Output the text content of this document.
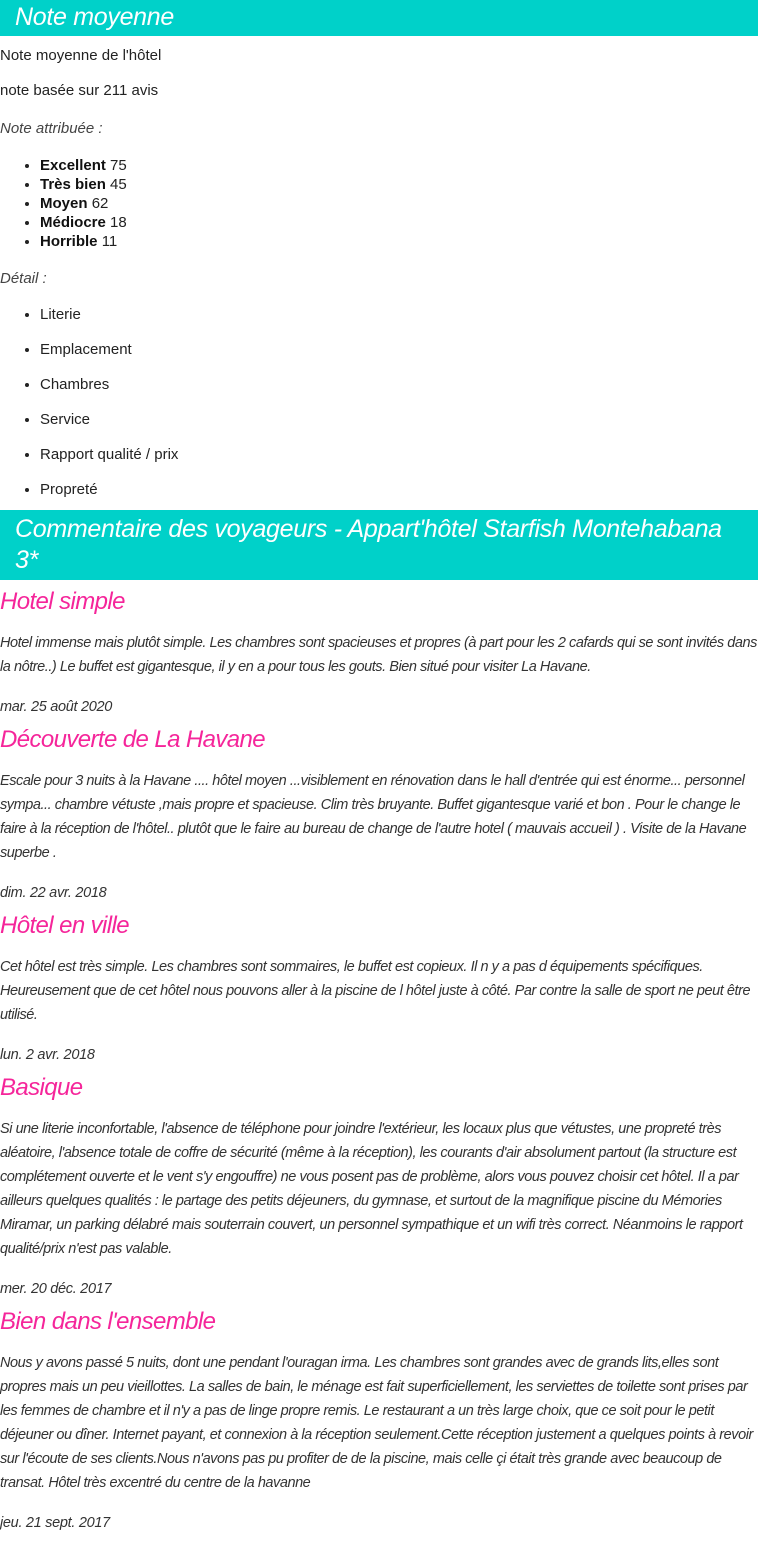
Note moyenne

Note moyenne de l'hôtel

note basée sur 211 avis

Note attribuée :

• Excellent 75
• Très bien 45
• Moyen 62
• Médiocre 18
• Horrible 11

Détail :

• Literie
• Emplacement
• Chambres
• Service
• Rapport qualité / prix
• Propreté
Commentaire des voyageurs - Appart'hôtel Starfish Montehabana 3*
Hotel simple

Hotel immense mais plutôt simple. Les chambres sont spacieuses et propres (à part pour les 2 cafards qui se sont invités dans la nôtre..) Le buffet est gigantesque, il y en a pour tous les gouts. Bien situé pour visiter La Havane.

mar. 25 août 2020

Découverte de La Havane

Escale pour 3 nuits à la Havane .... hôtel moyen ...visiblement en rénovation dans le hall d'entrée qui est énorme... personnel sympa... chambre vétuste ,mais propre et spacieuse. Clim très bruyante. Buffet gigantesque varié et bon . Pour le change le faire à la réception de l'hôtel.. plutôt que le faire au bureau de change de l'autre hotel ( mauvais accueil ) . Visite de la Havane superbe .

dim. 22 avr. 2018

Hôtel en ville

Cet hôtel est très simple. Les chambres sont sommaires, le buffet est copieux. Il n y a pas d équipements spécifiques. Heureusement que de cet hôtel nous pouvons aller à la piscine de l hôtel juste à côté. Par contre la salle de sport ne peut être utilisé.

lun. 2 avr. 2018

Basique

Si une literie inconfortable, l'absence de téléphone pour joindre l'extérieur, les locaux plus que vétustes, une propreté très aléatoire, l'absence totale de coffre de sécurité (même à la réception), les courants d'air absolument partout (la structure est complétement ouverte et le vent s'y engouffre) ne vous posent pas de problème, alors vous pouvez choisir cet hôtel. Il a par ailleurs quelques qualités : le partage des petits déjeuners, du gymnase, et surtout de la magnifique piscine du Mémories Miramar, un parking délabré mais souterrain couvert, un personnel sympathique et un wifi très correct. Néanmoins le rapport qualité/prix n'est pas valable.

mer. 20 déc. 2017

Bien dans l'ensemble

Nous y avons passé 5 nuits, dont une pendant l'ouragan irma. Les chambres sont grandes avec de grands lits,elles sont propres mais un peu vieillottes. La salles de bain, le ménage est fait superficiellement, les serviettes de toilette sont prises par les femmes de chambre et il n'y a pas de linge propre remis. Le restaurant a un très large choix, que ce soit pour le petit déjeuner ou dîner. Internet payant, et connexion à la réception seulement.Cette réception justement a quelques points à revoir sur l'écoute de ses clients.Nous n'avons pas pu profiter de de la piscine, mais celle çi était très grande avec beaucoup de transat. Hôtel très excentré du centre de la havanne

jeu. 21 sept. 2017
